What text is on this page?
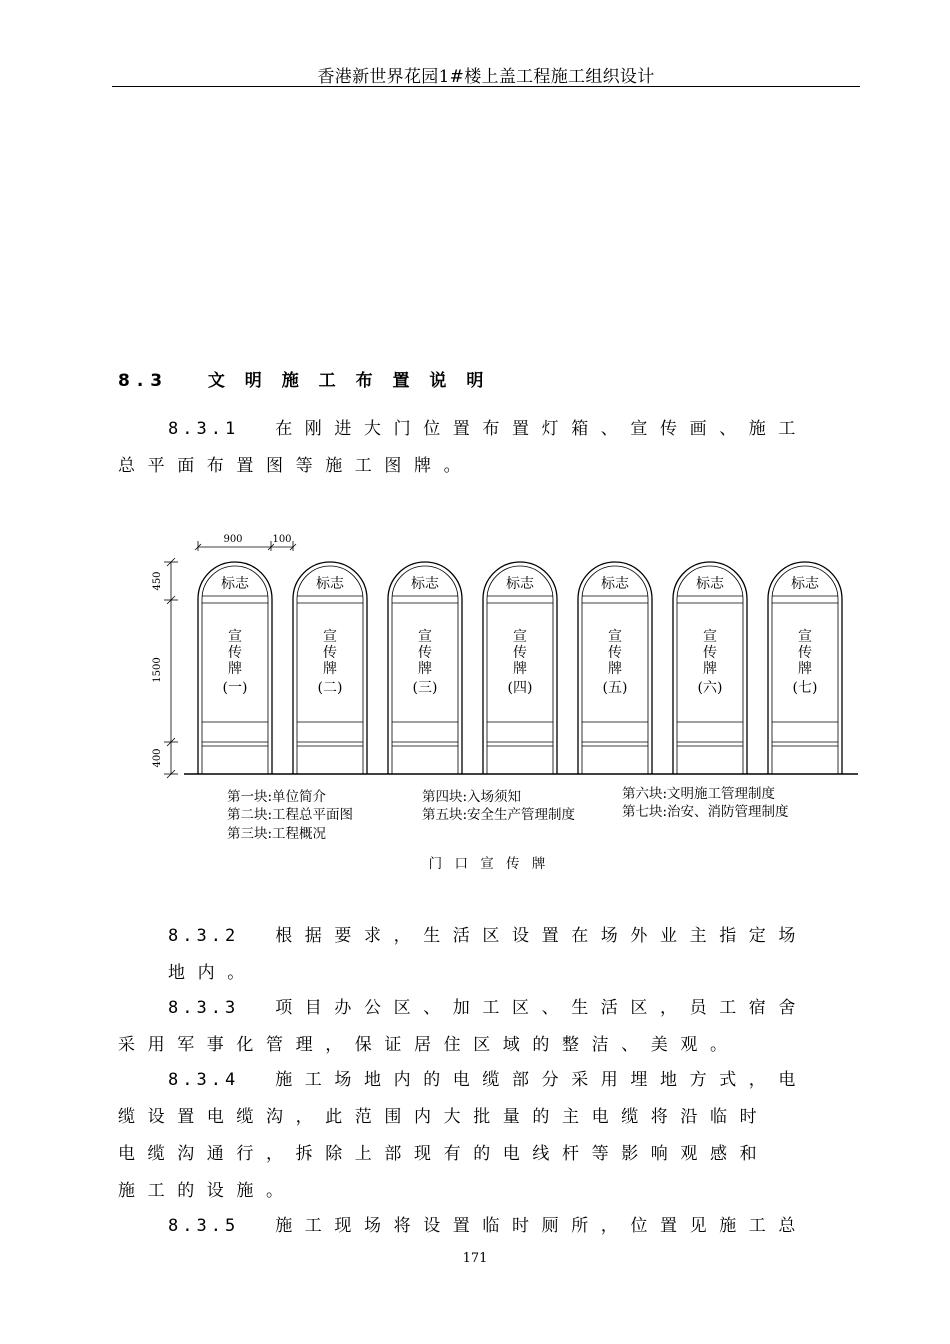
香港新世界花园1#楼上盖工程施工组织设计
8.3 文 明 施 工 布 置 说 明
8.3.1 在刚进大门位置布置灯箱、宣传画、施工
总平面布置图等施工图牌。
900	100
450
1500
400
标志
宣
传
牌
(一)
标志
宣
传
牌
(二)
标志
宣
传
牌
(三)
标志
宣
传
牌
(四)
标志
宣
传
牌
(五)
标志
宣
传
牌
(六)
标志
宣
传
牌
(七)
第一块:单位简介
第二块:工程总平面图
第三块:工程概况
第四块:入场须知
第五块:安全生产管理制度
第六块:文明施工管理制度
第七块:治安、消防管理制度
门 口 宣 传 牌
8.3.2 根据要求，生活区设置在场外业主指定场
地内。
8.3.3 项目办公区、加工区、生活区，员工宿舍
采用军事化管理，保证居住区域的整洁、美观。
8.3.4 施工场地内的电缆部分采用埋地方式，电
缆设置电缆沟，此范围内大批量的主电缆将沿临时
电缆沟通行，拆除上部现有的电线杆等影响观感和
施工的设施。
8.3.5 施工现场将设置临时厕所，位置见施工总
171
